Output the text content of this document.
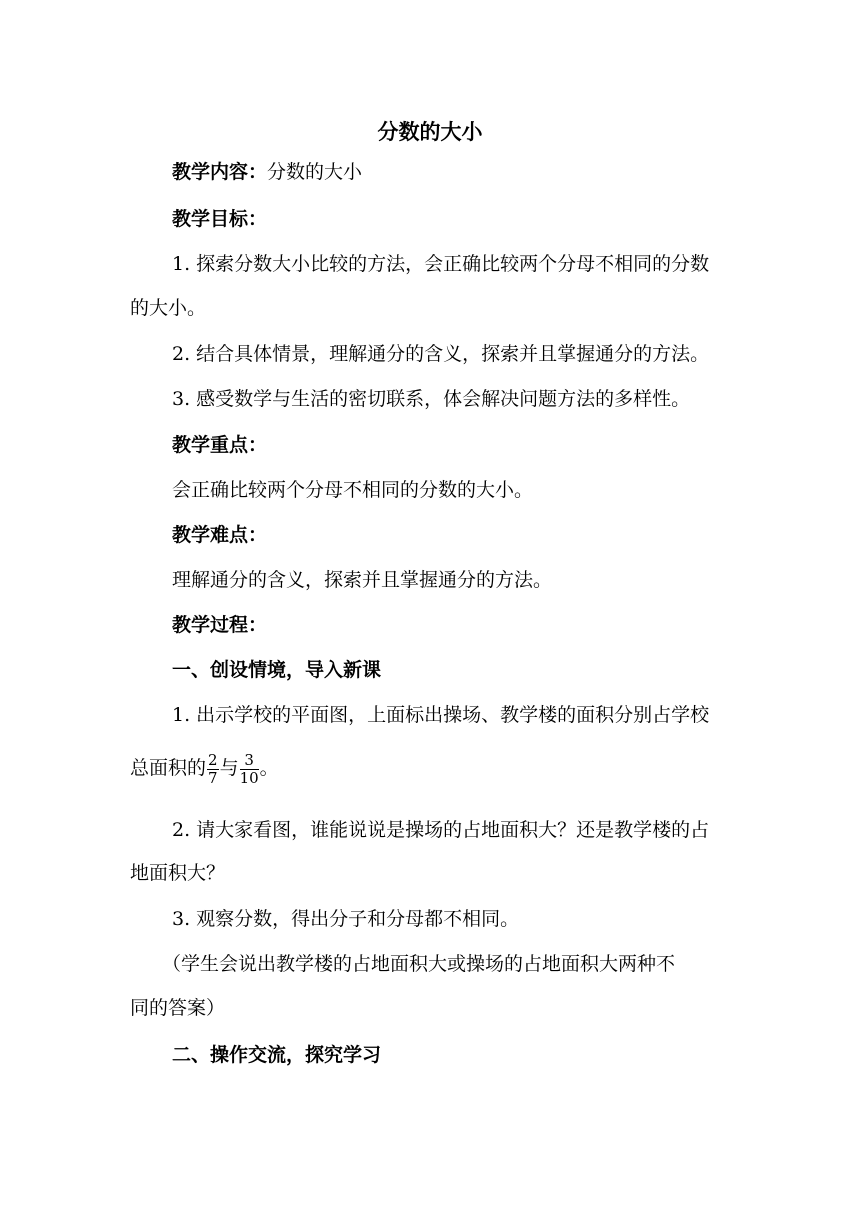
分数的大小
教学内容：分数的大小
教学目标：
1. 探索分数大小比较的方法，会正确比较两个分母不相同的分数
的大小。
2. 结合具体情景，理解通分的含义，探索并且掌握通分的方法。
3. 感受数学与生活的密切联系，体会解决问题方法的多样性。
教学重点：
会正确比较两个分母不相同的分数的大小。
教学难点：
理解通分的含义，探索并且掌握通分的方法。
教学过程：
一、创设情境，导入新课
1. 出示学校的平面图，上面标出操场、教学楼的面积分别占学校
总面积的 $\frac{2}{7}$ 与 $\frac{3}{10}$ 。
2. 请大家看图，谁能说说是操场的占地面积大？还是教学楼的占
地面积大？
3. 观察分数，得出分子和分母都不相同。
（学生会说出教学楼的占地面积大或操场的占地面积大两种不
同的答案）
二、操作交流，探究学习
